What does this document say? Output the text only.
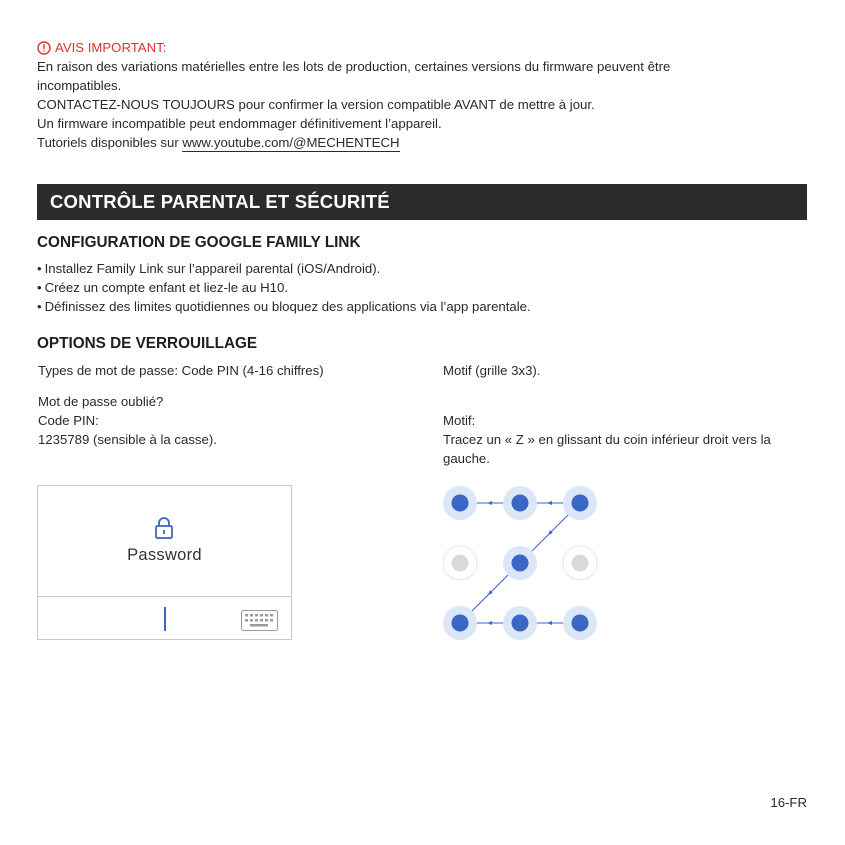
AVIS IMPORTANT:
En raison des variations matérielles entre les lots de production, certaines versions du firmware peuvent être
incompatibles.
CONTACTEZ-NOUS TOUJOURS pour confirmer la version compatible AVANT de mettre à jour.
Un firmware incompatible peut endommager définitivement l’appareil.
Tutoriels disponibles sur www.youtube.com/@MECHENTECH
CONTRÔLE PARENTAL ET SÉCURITÉ
CONFIGURATION DE GOOGLE FAMILY LINK
• Installez Family Link sur l’appareil parental (iOS/Android).
• Créez un compte enfant et liez-le au H10.
• Définissez des limites quotidiennes ou bloquez des applications via l’app parentale.
OPTIONS DE VERROUILLAGE
Types de mot de passe: Code PIN (4-16 chiffres)	Motif (grille 3x3).
Mot de passe oublié?
Code PIN:
1235789 (sensible à la casse).
Motif:
Tracez un « Z » en glissant du coin inférieur droit vers la gauche.
Password
16-FR
